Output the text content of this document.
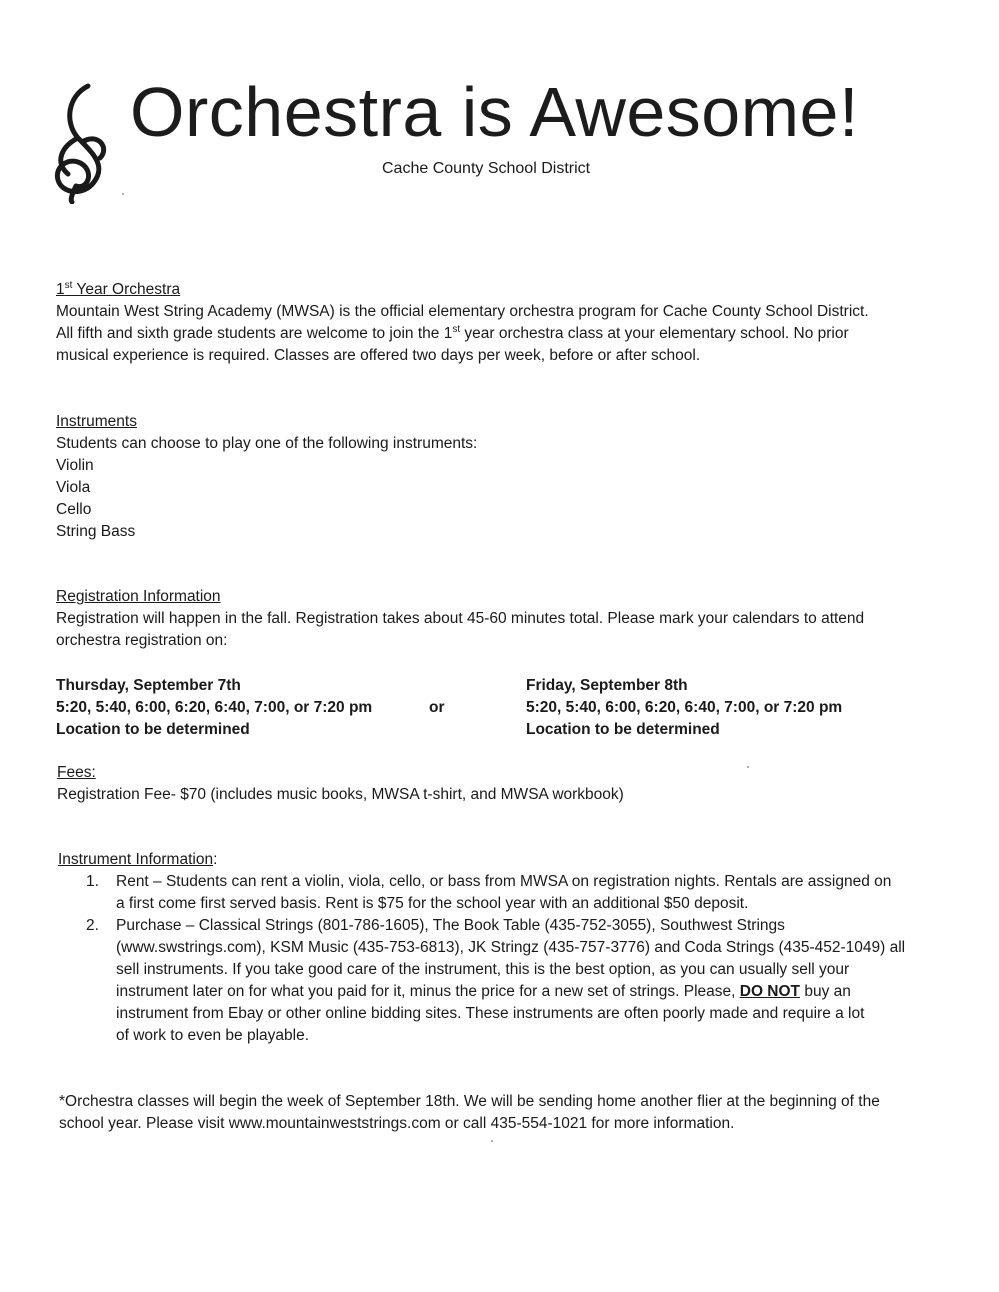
Orchestra is Awesome!
Cache County School District
1st Year Orchestra
Mountain West String Academy (MWSA) is the official elementary orchestra program for Cache County School District.
All fifth and sixth grade students are welcome to join the 1st year orchestra class at your elementary school. No prior
musical experience is required. Classes are offered two days per week, before or after school.
Instruments
Students can choose to play one of the following instruments:
Violin
Viola
Cello
String Bass
Registration Information
Registration will happen in the fall. Registration takes about 45-60 minutes total. Please mark your calendars to attend
orchestra registration on:
Thursday, September 7th
5:20, 5:40, 6:00, 6:20, 6:40, 7:00, or 7:20 pm
Location to be determined
or
Friday, September 8th
5:20, 5:40, 6:00, 6:20, 6:40, 7:00, or 7:20 pm
Location to be determined
Fees:
Registration Fee- $70 (includes music books, MWSA t-shirt, and MWSA workbook)
Instrument Information:
1. Rent – Students can rent a violin, viola, cello, or bass from MWSA on registration nights. Rentals are assigned on
a first come first served basis. Rent is $75 for the school year with an additional $50 deposit.
2. Purchase – Classical Strings (801-786-1605), The Book Table (435-752-3055), Southwest Strings
(www.swstrings.com), KSM Music (435-753-6813), JK Stringz (435-757-3776) and Coda Strings (435-452-1049) all
sell instruments. If you take good care of the instrument, this is the best option, as you can usually sell your
instrument later on for what you paid for it, minus the price for a new set of strings. Please, DO NOT buy an
instrument from Ebay or other online bidding sites. These instruments are often poorly made and require a lot
of work to even be playable.
*Orchestra classes will begin the week of September 18th. We will be sending home another flier at the beginning of the
school year. Please visit www.mountainweststrings.com or call 435-554-1021 for more information.
